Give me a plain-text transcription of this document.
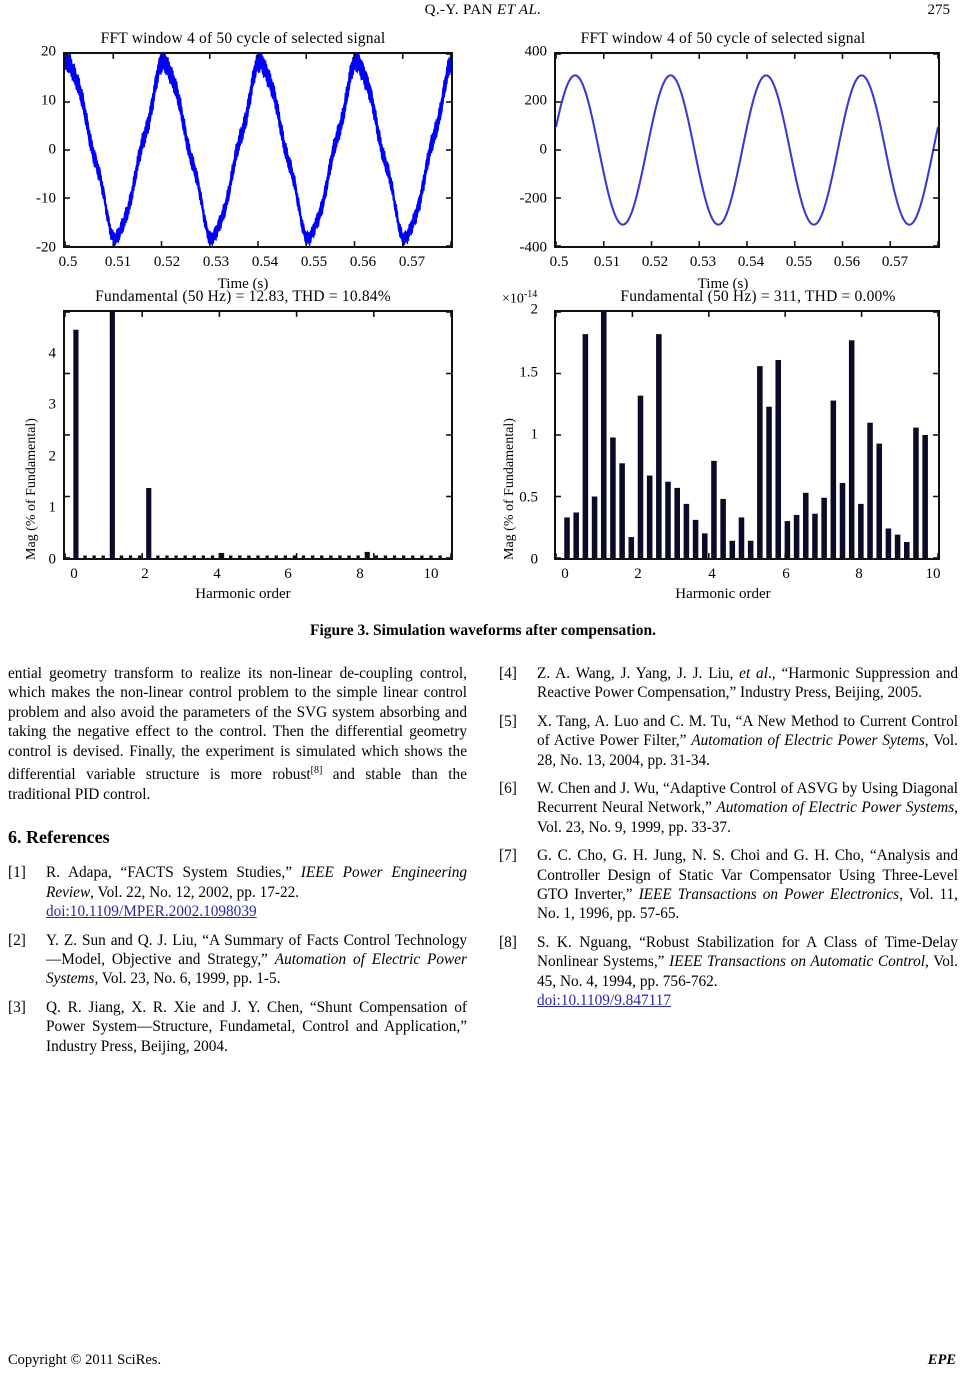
Q.-Y. PAN ET AL.	275
FFT window 4 of 50 cycle of selected signal
20
10
0
-10
-20
0.5 0.51 0.52 0.53 0.54 0.55 0.56 0.57
Time (s)
FFT window 4 of 50 cycle of selected signal
400
200
0
-200
-400
0.5 0.51 0.52 0.53 0.54 0.55 0.56 0.57
Time (s)
Fundamental (50 Hz) = 12.83, THD = 10.84%
Mag (% of Fundamental) 0
1
2
3
4
0	2	4	6	8	10
Harmonic order
$\times 10^{-14}$	Fundamental (50 Hz) = 311, THD = 0.00%
Mag (% of Fundamental) 0
0.5
1
1.5
2
0	2	4	6	8	10
Harmonic order
Figure 3. Simulation waveforms after compensation.

ential geometry transform to realize its non-linear de-coupling control, which makes the non-linear control problem to the simple linear control problem and also avoid the parameters of the SVG system absorbing and taking the negative effect to the control. Then the differential geometry control is devised. Finally, the experiment is simulated which shows the differential variable structure is more robust[8] and stable than the traditional PID control.

6. References
[1] R. Adapa, “FACTS System Studies,” IEEE Power Engineering Review, Vol. 22, No. 12, 2002, pp. 17-22.
doi:10.1109/MPER.2002.1098039
[2] Y. Z. Sun and Q. J. Liu, “A Summary of Facts Control Technology—Model, Objective and Strategy,” Automation of Electric Power Systems, Vol. 23, No. 6, 1999, pp. 1-5.
[3] Q. R. Jiang, X. R. Xie and J. Y. Chen, “Shunt Compensation of Power System—Structure, Fundametal, Control and Application,” Industry Press, Beijing, 2004.
[4] Z. A. Wang, J. Yang, J. J. Liu, et al., “Harmonic Suppression and Reactive Power Compensation,” Industry Press, Beijing, 2005.
[5] X. Tang, A. Luo and C. M. Tu, “A New Method to Current Control of Active Power Filter,” Automation of Electric Power Sytems, Vol. 28, No. 13, 2004, pp. 31-34.
[6] W. Chen and J. Wu, “Adaptive Control of ASVG by Using Diagonal Recurrent Neural Network,” Automation of Electric Power Systems, Vol. 23, No. 9, 1999, pp. 33-37.
[7] G. C. Cho, G. H. Jung, N. S. Choi and G. H. Cho, “Analysis and Controller Design of Static Var Compensator Using Three-Level GTO Inverter,” IEEE Transactions on Power Electronics, Vol. 11, No. 1, 1996, pp. 57-65.
[8] S. K. Nguang, “Robust Stabilization for A Class of Time-Delay Nonlinear Systems,” IEEE Transactions on Automatic Control, Vol. 45, No. 4, 1994, pp. 756-762.
doi:10.1109/9.847117
Copyright © 2011 SciRes.	EPE
